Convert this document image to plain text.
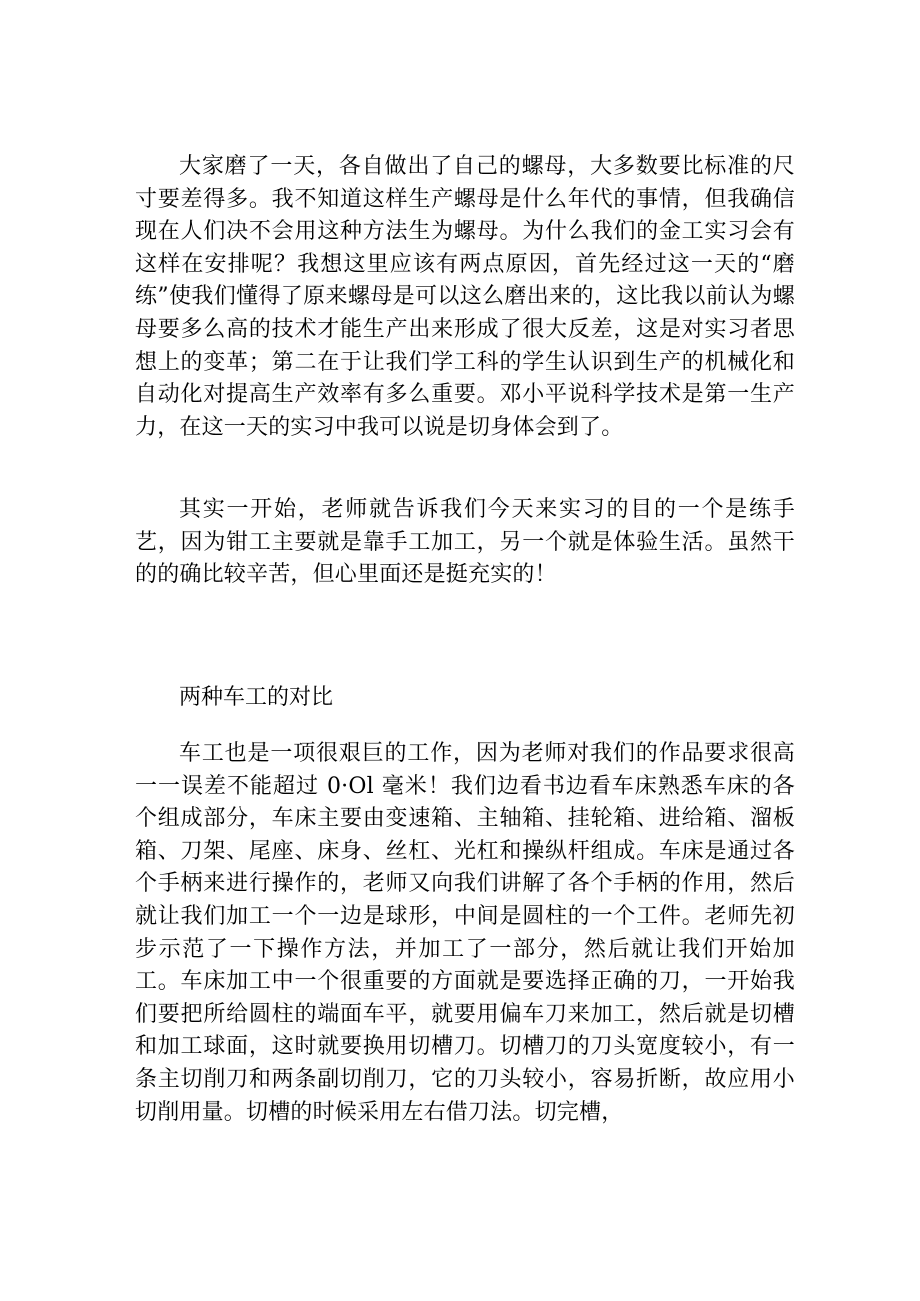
大家磨了一天，各自做出了自己的螺母，大多数要比标准的尺寸要差得多。我不知道这样生产螺母是什么年代的事情，但我确信现在人们决不会用这种方法生为螺母。为什么我们的金工实习会有这样在安排呢？我想这里应该有两点原因，首先经过这一天的“磨练”使我们懂得了原来螺母是可以这么磨出来的，这比我以前认为螺母要多么高的技术才能生产出来形成了很大反差，这是对实习者思想上的变革；第二在于让我们学工科的学生认识到生产的机械化和自动化对提高生产效率有多么重要。邓小平说科学技术是第一生产力，在这一天的实习中我可以说是切身体会到了。

其实一开始，老师就告诉我们今天来实习的目的一个是练手艺，因为钳工主要就是靠手工加工，另一个就是体验生活。虽然干的的确比较辛苦，但心里面还是挺充实的！

两种车工的对比

车工也是一项很艰巨的工作，因为老师对我们的作品要求很高一一误差不能超过 0·Ol 毫米！我们边看书边看车床熟悉车床的各个组成部分，车床主要由变速箱、主轴箱、挂轮箱、进给箱、溜板箱、刀架、尾座、床身、丝杠、光杠和操纵杆组成。车床是通过各个手柄来进行操作的，老师又向我们讲解了各个手柄的作用，然后就让我们加工一个一边是球形，中间是圆柱的一个工件。老师先初步示范了一下操作方法，并加工了一部分，然后就让我们开始加工。车床加工中一个很重要的方面就是要选择正确的刀，一开始我们要把所给圆柱的端面车平，就要用偏车刀来加工，然后就是切槽和加工球面，这时就要换用切槽刀。切槽刀的刀头宽度较小，有一条主切削刀和两条副切削刀，它的刀头较小，容易折断，故应用小切削用量。切槽的时候采用左右借刀法。切完槽，
